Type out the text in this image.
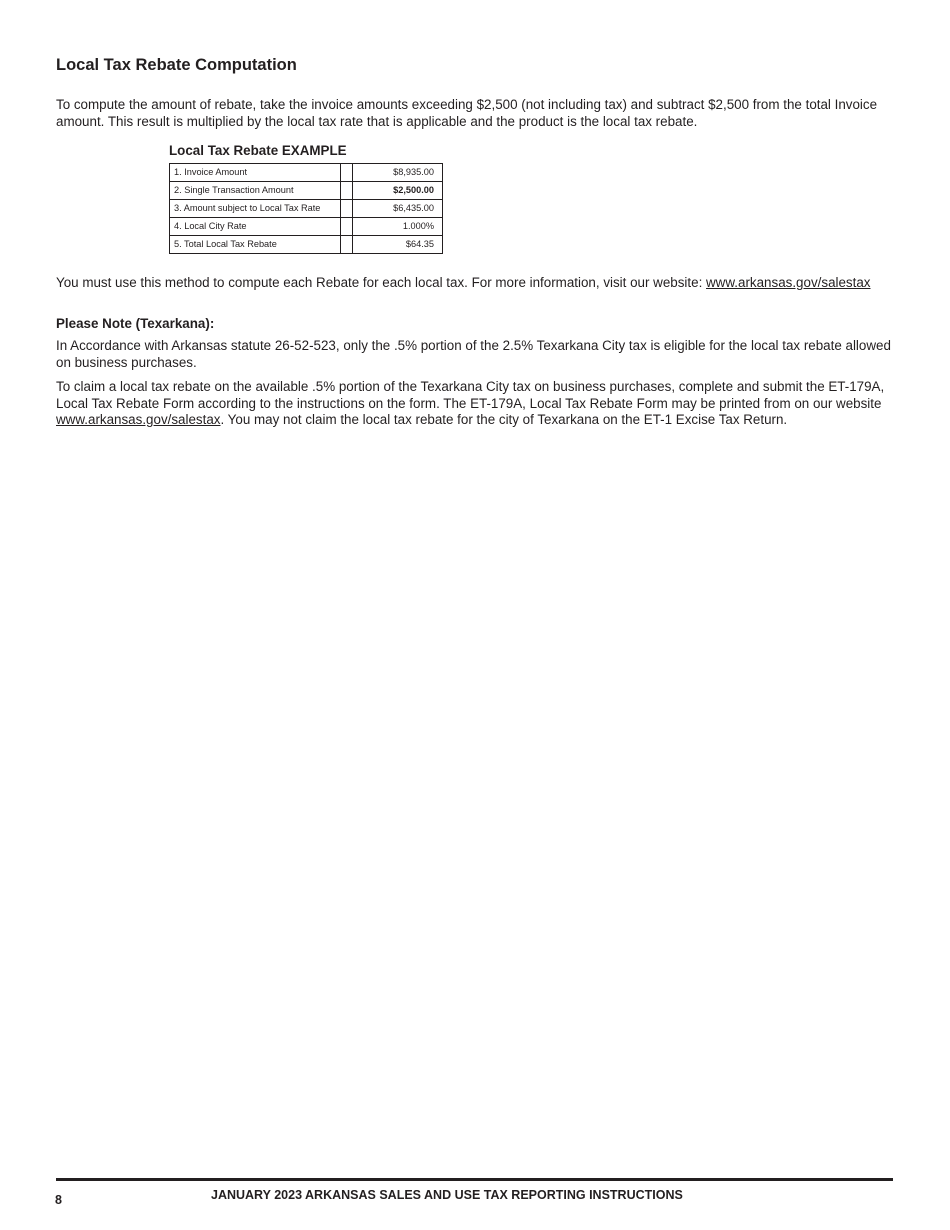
Local Tax Rebate Computation

To compute the amount of rebate, take the invoice amounts exceeding $2,500 (not including tax) and subtract $2,500 from the total Invoice amount. This result is multiplied by the local tax rate that is applicable and the product is the local tax rebate.

Local Tax Rebate EXAMPLE
1. Invoice Amount		$8,935.00
2. Single Transaction Amount		$2,500.00
3. Amount subject to Local Tax Rate		$6,435.00
4. Local City Rate		1.000%
5. Total Local Tax Rebate		$64.35

You must use this method to compute each Rebate for each local tax. For more information, visit our website: www.arkansas.gov/salestax

Please Note (Texarkana):

In Accordance with Arkansas statute 26-52-523, only the .5% portion of the 2.5% Texarkana City tax is eligible for the local tax rebate allowed on business purchases.

To claim a local tax rebate on the available .5% portion of the Texarkana City tax on business purchases, complete and submit the ET-179A, Local Tax Rebate Form according to the instructions on the form. The ET-179A, Local Tax Rebate Form may be printed from on our website www.arkansas.gov/salestax. You may not claim the local tax rebate for the city of Texarkana on the ET-1 Excise Tax Return.

8	JANUARY 2023 ARKANSAS SALES AND USE TAX REPORTING INSTRUCTIONS
